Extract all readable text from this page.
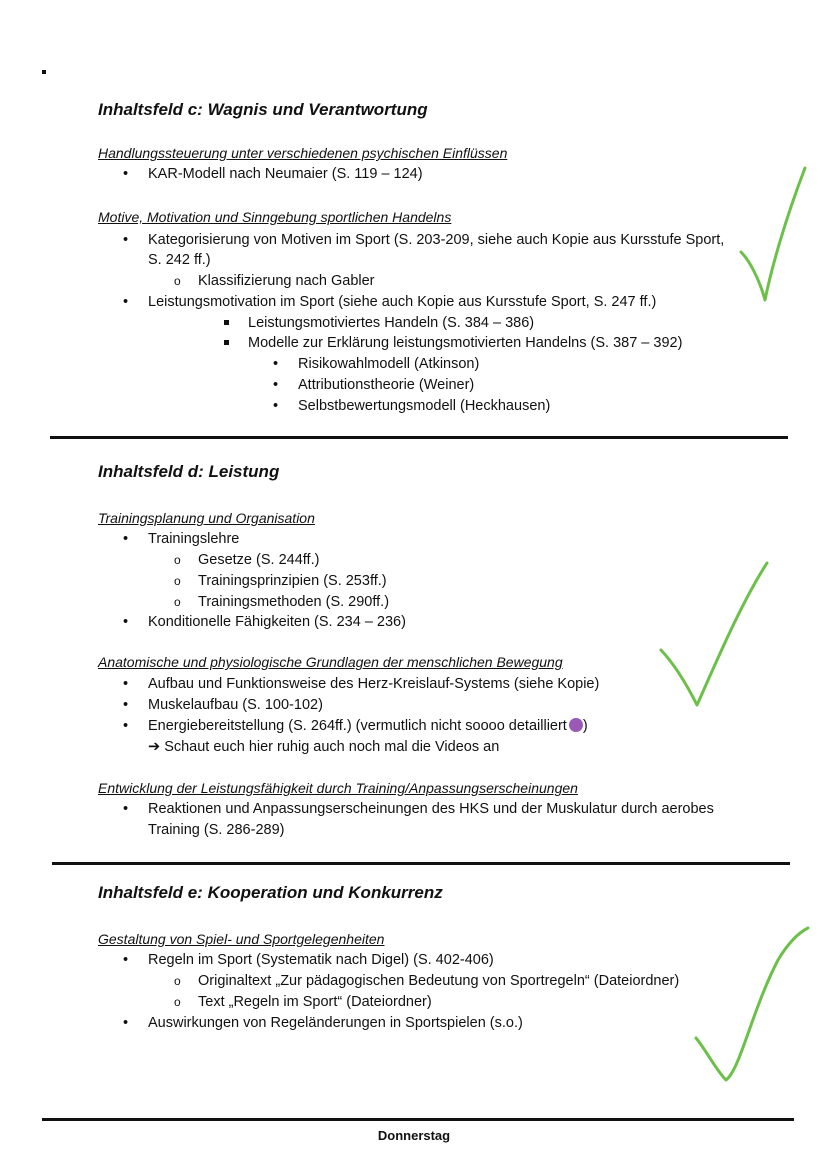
Inhaltsfeld c: Wagnis und Verantwortung
Handlungssteuerung unter verschiedenen psychischen Einflüssen
• KAR-Modell nach Neumaier (S. 119 – 124)
Motive, Motivation und Sinngebung sportlichen Handelns
• Kategorisierung von Motiven im Sport (S. 203-209, siehe auch Kopie aus Kursstufe Sport,
S. 242 ff.)
o Klassifizierung nach Gabler
• Leistungsmotivation im Sport (siehe auch Kopie aus Kursstufe Sport, S. 247 ff.)
Leistungsmotiviertes Handeln (S. 384 – 386)
Modelle zur Erklärung leistungsmotivierten Handelns (S. 387 – 392)
• Risikowahlmodell (Atkinson)
• Attributionstheorie (Weiner)
• Selbstbewertungsmodell (Heckhausen)
Inhaltsfeld d: Leistung
Trainingsplanung und Organisation
• Trainingslehre
o Gesetze (S. 244ff.)
o Trainingsprinzipien (S. 253ff.)
o Trainingsmethoden (S. 290ff.)
• Konditionelle Fähigkeiten (S. 234 – 236)
Anatomische und physiologische Grundlagen der menschlichen Bewegung
• Aufbau und Funktionsweise des Herz-Kreislauf-Systems (siehe Kopie)
• Muskelaufbau (S. 100-102)
• Energiebereitstellung (S. 264ff.) (vermutlich nicht soooo detailliert )
➔ Schaut euch hier ruhig auch noch mal die Videos an
Entwicklung der Leistungsfähigkeit durch Training/Anpassungserscheinungen
• Reaktionen und Anpassungserscheinungen des HKS und der Muskulatur durch aerobes
Training (S. 286-289)
Inhaltsfeld e: Kooperation und Konkurrenz
Gestaltung von Spiel- und Sportgelegenheiten
• Regeln im Sport (Systematik nach Digel) (S. 402-406)
o Originaltext „Zur pädagogischen Bedeutung von Sportregeln“ (Dateiordner)
o Text „Regeln im Sport“ (Dateiordner)
• Auswirkungen von Regeländerungen in Sportspielen (s.o.)
Donnerstag
